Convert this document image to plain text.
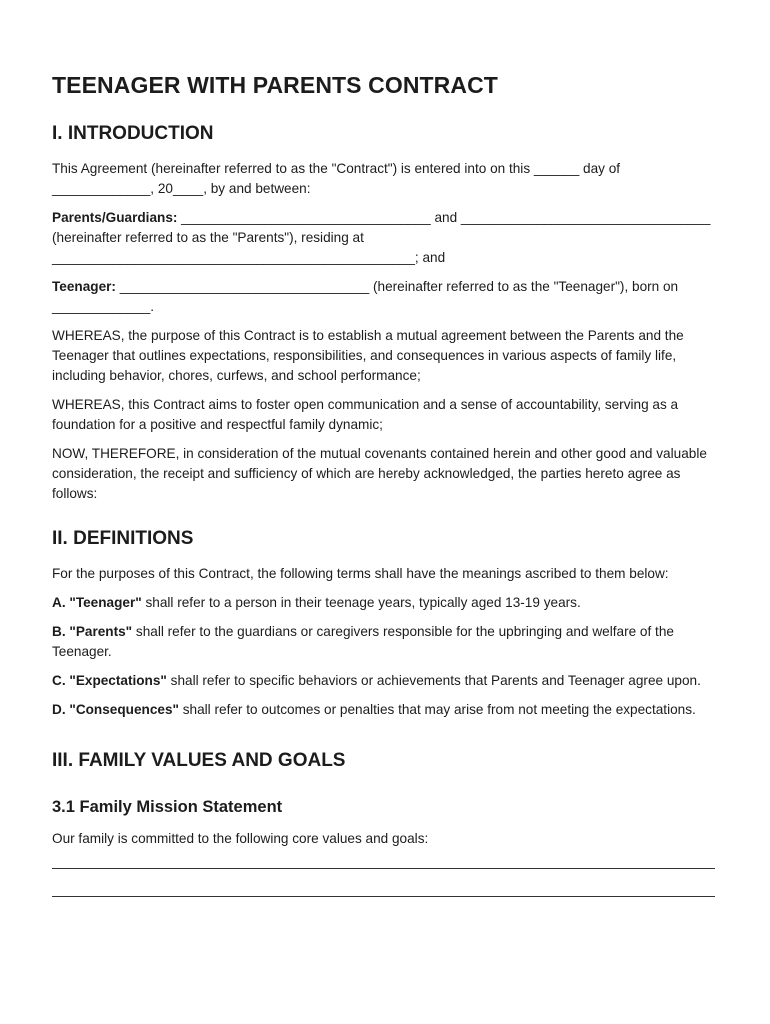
TEENAGER WITH PARENTS CONTRACT
I. INTRODUCTION

This Agreement (hereinafter referred to as the "Contract") is entered into on this ______ day of _____________, 20____, by and between:

Parents/Guardians: _________________________________ and _________________________________ (hereinafter referred to as the "Parents"), residing at ________________________________________________; and

Teenager: _________________________________ (hereinafter referred to as the "Teenager"), born on _____________.

WHEREAS, the purpose of this Contract is to establish a mutual agreement between the Parents and the Teenager that outlines expectations, responsibilities, and consequences in various aspects of family life, including behavior, chores, curfews, and school performance;

WHEREAS, this Contract aims to foster open communication and a sense of accountability, serving as a foundation for a positive and respectful family dynamic;

NOW, THEREFORE, in consideration of the mutual covenants contained herein and other good and valuable consideration, the receipt and sufficiency of which are hereby acknowledged, the parties hereto agree as follows:

II. DEFINITIONS

For the purposes of this Contract, the following terms shall have the meanings ascribed to them below:

A. "Teenager" shall refer to a person in their teenage years, typically aged 13-19 years.

B. "Parents" shall refer to the guardians or caregivers responsible for the upbringing and welfare of the Teenager.

C. "Expectations" shall refer to specific behaviors or achievements that Parents and Teenager agree upon.

D. "Consequences" shall refer to outcomes or penalties that may arise from not meeting the expectations.

III. FAMILY VALUES AND GOALS
3.1 Family Mission Statement

Our family is committed to the following core values and goals:
